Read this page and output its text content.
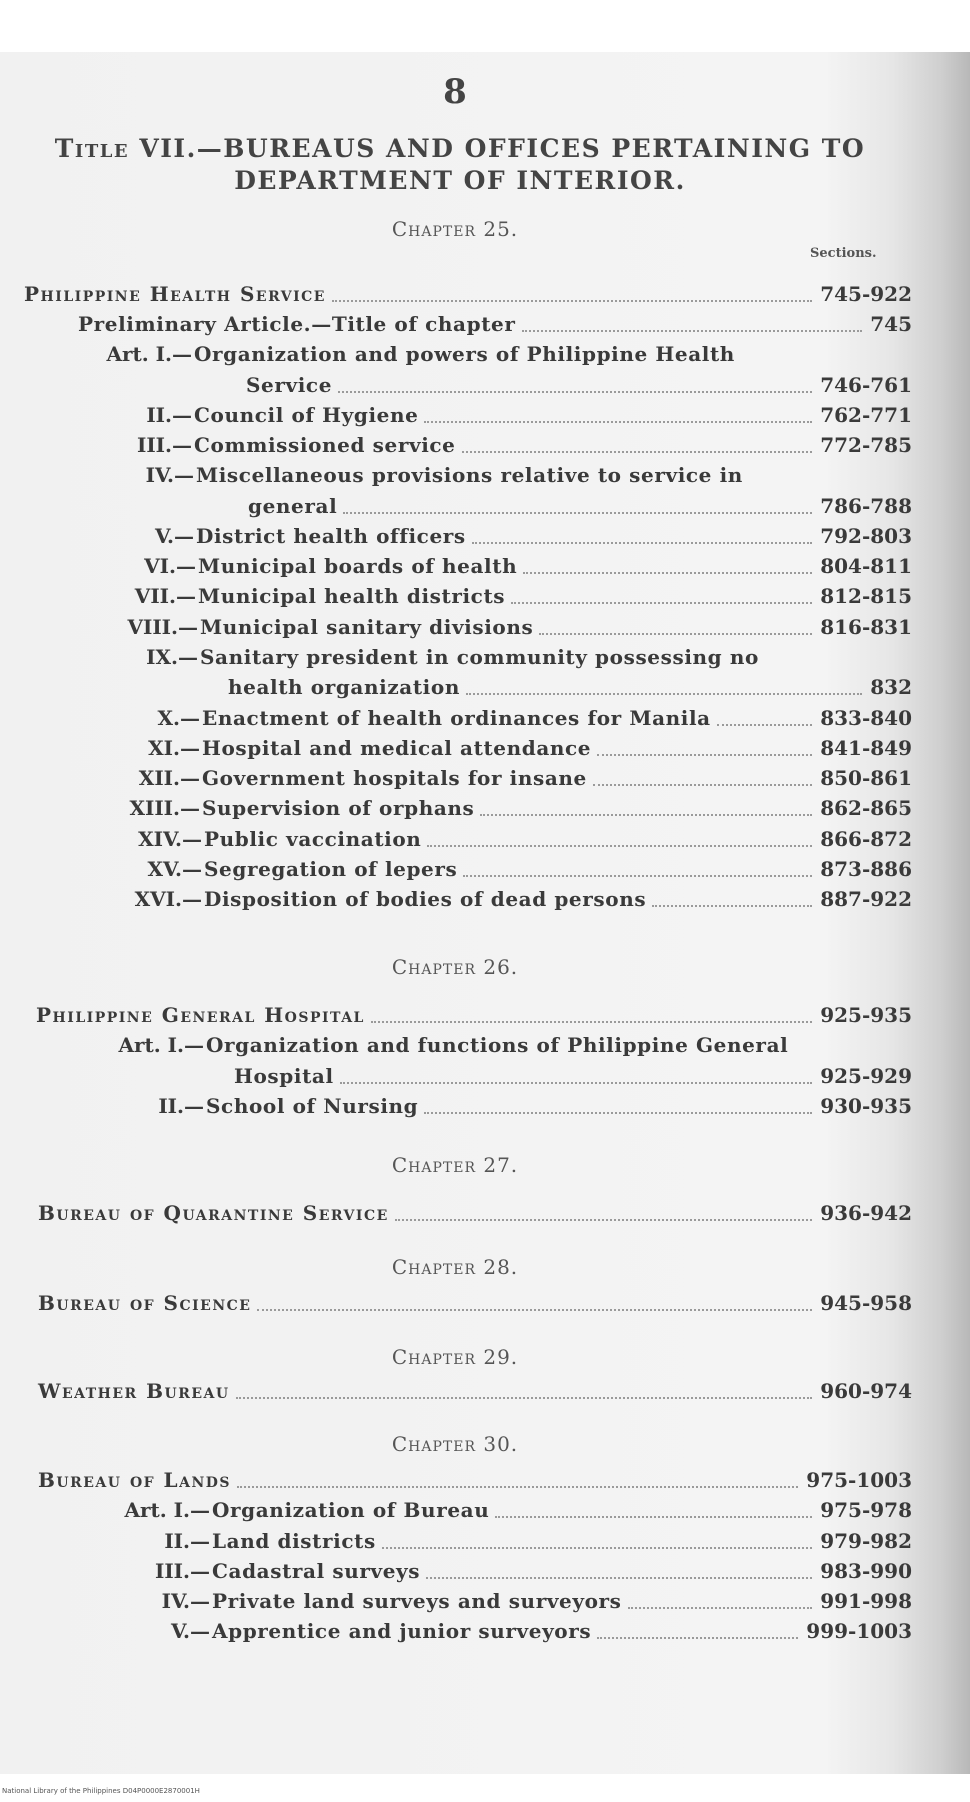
8
Title VII.—BUREAUS AND OFFICES PERTAINING TO
DEPARTMENT OF INTERIOR.
Chapter 25.
Sections.
Chapter 26.
Chapter 27.
Chapter 28.
Chapter 29.
Chapter 30.
Philippine Health Service	745-922
Preliminary Article.—Title of chapter	745
Art. I.— Organization and powers of Philippine Health
Service	746-761
II.— Council of Hygiene	762-771
III.— Commissioned service	772-785
IV.— Miscellaneous provisions relative to service in
general	786-788
V.— District health officers	792-803
VI.— Municipal boards of health	804-811
VII.— Municipal health districts	812-815
VIII.— Municipal sanitary divisions	816-831
IX.— Sanitary president in community possessing no
health organization	832
X.— Enactment of health ordinances for Manila	833-840
XI.— Hospital and medical attendance	841-849
XII.— Government hospitals for insane	850-861
XIII.— Supervision of orphans	862-865
XIV.— Public vaccination	866-872
XV.— Segregation of lepers	873-886
XVI.— Disposition of bodies of dead persons	887-922
Philippine General Hospital	925-935
Art. I.— Organization and functions of Philippine General
Hospital	925-929
II.— School of Nursing	930-935
Bureau of Quarantine Service	936-942
Bureau of Science	945-958
Weather Bureau	960-974
Bureau of Lands	975-1003
Art. I.— Organization of Bureau	975-978
II.— Land districts	979-982
III.— Cadastral surveys	983-990
IV.— Private land surveys and surveyors	991-998
V.— Apprentice and junior surveyors	999-1003
National Library of the Philippines D04P0000E2870001H
